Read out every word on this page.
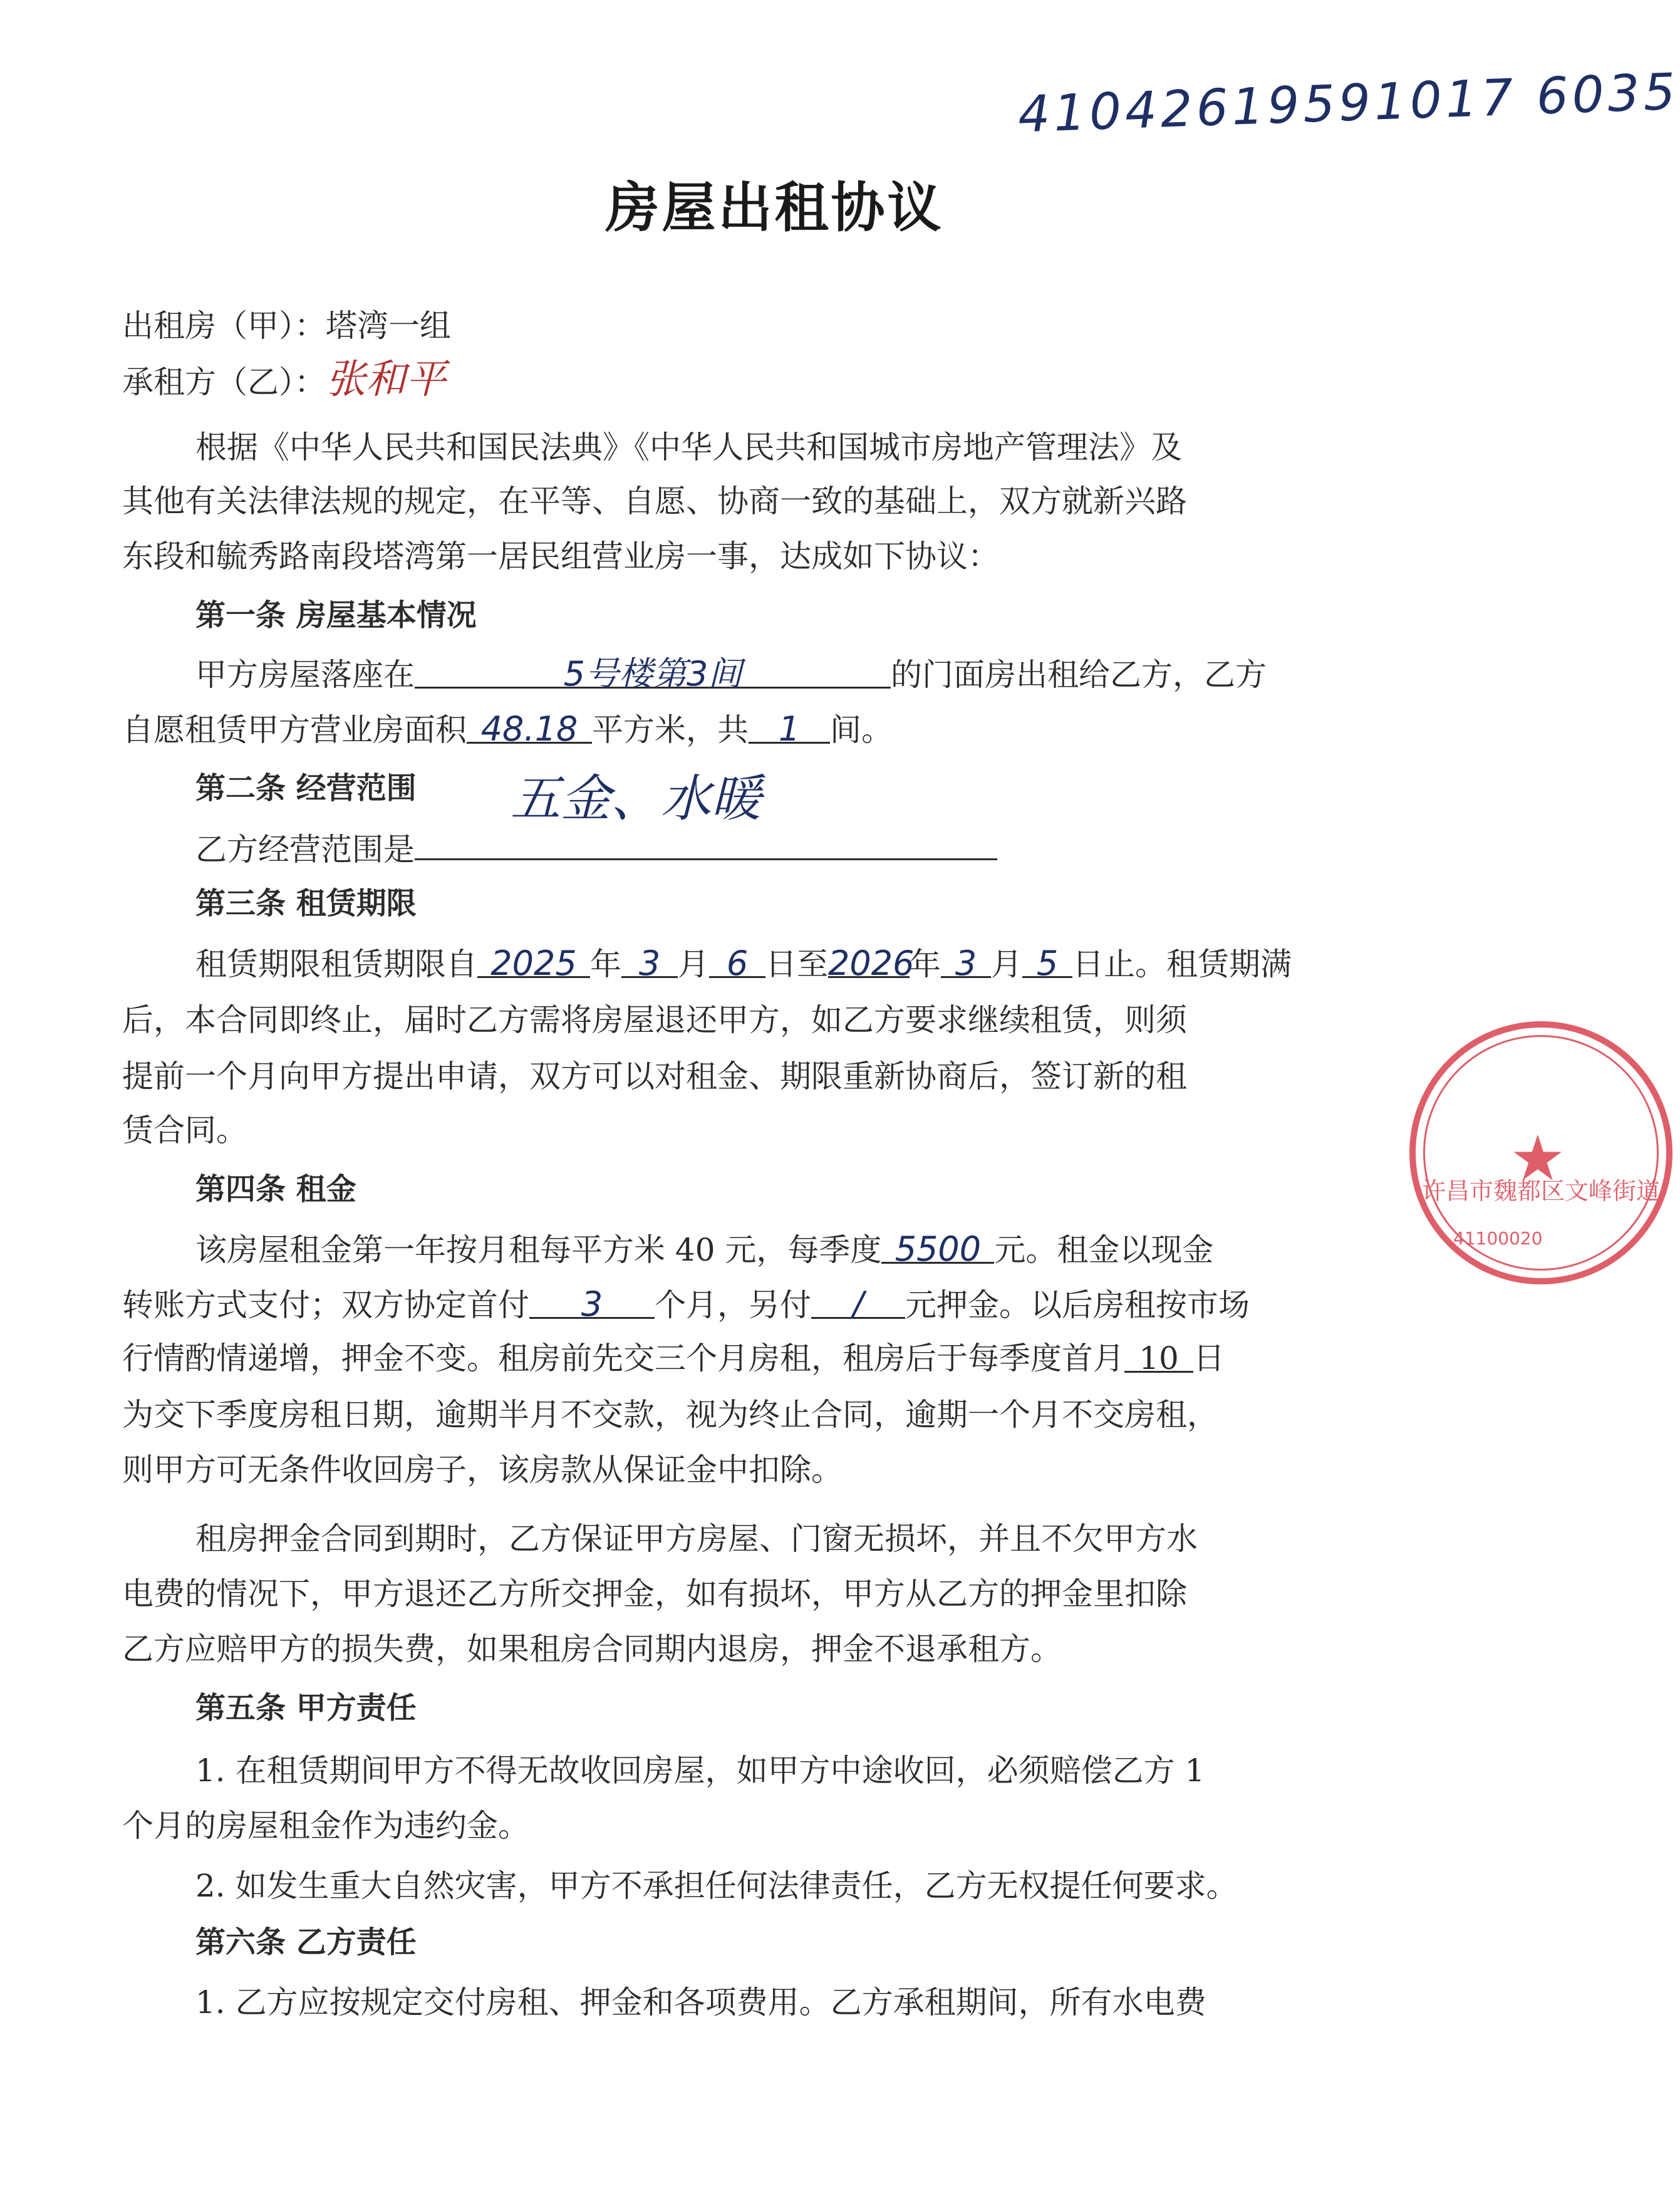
41042619591017 6035
房屋出租协议
出租房（甲）：塔湾一组
承租方（乙）：张和平
根据《中华人民共和国民法典》《中华人民共和国城市房地产管理法》及
其他有关法律法规的规定，在平等、自愿、协商一致的基础上，双方就新兴路
东段和毓秀路南段塔湾第一居民组营业房一事，达成如下协议：
第一条 房屋基本情况
甲方房屋落座在	5号楼第3间	的门面房出租给乙方，乙方
自愿租赁甲方营业房面积 48.18 平方米，共 1 间。
第二条 经营范围 五金、水暖
乙方经营范围是
第三条 租赁期限
租赁期限租赁期限自 2025 年 3 月 6 日至2026年 3 月 5 日止。租赁期满
后，本合同即终止，届时乙方需将房屋退还甲方，如乙方要求继续租赁，则须
提前一个月向甲方提出申请，双方可以对租金、期限重新协商后，签订新的租
赁合同。
第四条 租金
该房屋租金第一年按月租每平方米 40 元，每季度 5500 元。租金以现金
转账方式支付；双方协定首付 3 个月，另付 / 元押金。以后房租按市场
行情酌情递增，押金不变。租房前先交三个月房租，租房后于每季度首月 10 日
为交下季度房租日期，逾期半月不交款，视为终止合同，逾期一个月不交房租，
则甲方可无条件收回房子，该房款从保证金中扣除。
租房押金合同到期时，乙方保证甲方房屋、门窗无损坏，并且不欠甲方水
电费的情况下，甲方退还乙方所交押金，如有损坏，甲方从乙方的押金里扣除
乙方应赔甲方的损失费，如果租房合同期内退房，押金不退承租方。
第五条 甲方责任
1. 在租赁期间甲方不得无故收回房屋，如甲方中途收回，必须赔偿乙方 1
个月的房屋租金作为违约金。
2. 如发生重大自然灾害，甲方不承担任何法律责任，乙方无权提任何要求。
第六条 乙方责任
1. 乙方应按规定交付房租、押金和各项费用。乙方承租期间，所有水电费
★
许昌市魏都区文峰街道
41100020
